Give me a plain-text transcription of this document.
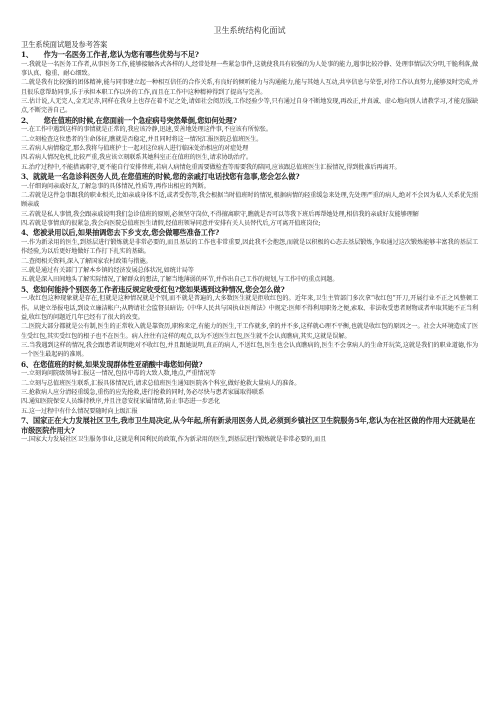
卫生系统结构化面试
卫生系统面试题及参考答案

1、　　作为一名医务工作者,您认为您有哪些优势与不足?

一.我就是一名医务工作者,从事医务工作,能够接触各式各样的人,经常处理一些紧急事件,这就使我具有较强的为人处事的能力,遇事比较冷静、处理事情层次分明,干脆利落,做事认真、稳重、耐心细致。

二.就是我有比较强的团体精神,能与同事建立起一种相互信任的合作关系,有良好的倾听能力与沟通能力,能与其她人互动,共享信息与荣誉,对待工作认真努力,能够及时完成,并且很乐意帮助同事,乐于承担本职工作以外的工作,而且在工作中这种精神得到了提高与完善。

三.估计说,人无完人,金无足赤,同样在我身上也存在着不足之处,请如社会阅历浅,工作经验少等,只有通过自身不断地发现,再改正,并真诚、虚心地向别人请教学习,才能克服缺点,不断完善自己。

2、　　您在值班的时候,在您面前一个急症病号突然晕倒,您如何处理?

一.在工作中遇到这样的事情就是正常的,我应该冷静,迅速,妥善地处理这件事,不应该有所惊张。

二.立刻检查这位患者的生命体征,瞧就是否稳定,并且同时将这一情况汇报医院总值班医生。

三.若病人病情稳定,那么我将与值班护士一起对这位病人进行临床处治相应的对症处理

四.若病人情况危机,比较严重,我应该立刻联系其她科室正在值班的医生,请求协助治疗。

五.治疗过程中,不能措离职守,更不能自行安排替班,若病人病情危重需要做检查等需要我的陪同,应该跟总值班医生汇报情况,得到批准后再离开。

3、就就是一名急诊科医务人员,在您值班的时候,您的亲戚打电话找您有急事,您会怎么做?

一.仔细询问亲戚好友,了解急事的具体情况,性质等,再作出相应的判断。

二.若就是这件急事跟我的职业相关,比如亲戚身体不适,或者受伤等,我会根据当时值班时的情况,根据病情的轻重缓急来处理,先处理严重的病人,绝对不会因为私人关系优先照顾亲戚

三.若就是私人事情,我会跟亲戚说明我们急诊值班的原则,必须坚守岗位,不得擅离职守,瞧就是否可以等我下班后再帮她处理,相信我的亲戚好友能够理解

四.若就是事情真的很紧急,我会向医院总值班医生请假,经值班领导同意并安排有关人员替代后,方可离开值班岗位;

4、您被录用以后,如果抽调您去下乡支农,您会做哪些准备工作?

一.作为新录用的医生,到基层进行锻炼就是非常必要的,而且基层的工作也非常重要,因此我不会抱怨,而就是以积极的心态去基层锻炼,争取通过这次锻炼能够丰富我的基层工作经验,为以后更好地做好工作打下扎实的基础。

二.查阅相关资料,深入了解国家农村政策与措施。

三.就是通过有关部门了解本乡镇的经济发展总体状况,如统计局等

五.就是深入田间地头了解实际情况,了解群众的想法,了解当地薄弱的环节,并作出自己工作的规划,与工作中的重点问题。

5、您如何能持个别医务工作者违反规定收受红包?您如果遇到这种情况,您会怎么做?

一.收红包这种现象就是存在,但就是这种情况就是个别,而不就是普遍的,大多数医生就是拒收红包的。近年来,卫生主管部门多次拿“收红包”开刀,开展行业不正之风整顿工作。从建立举报电话,到设立廉洁帐户;从聘请社会监督员暗访;《中华人民共与国执业医师法》中规定:医师不得利用职务之便,索取、非法收受患者财物或者牟取其她不正当利益,收红包的问题近几年已经有了很大的改变。

二.医院大部分都就是公有制,医生的正常收入就是靠资历,职称来定,有能力的医生,干工作就多,拿的并不多,这样就心理不平衡,也就是收红包的原因之一。社会大环境造成了医生受红包,其实受红包的根子也不在医生。病人往往有这样的观点,以为不送医生红包,医生就不会认真瞧病,其实,这就是误解。

三.当我遇到这样的情况,我会跟患者说明绝对不收红包,并且跟她说明,真正的病人,不送红包,医生也会认真瞧病的,医生不会拿病人的生命开玩笑,这就是我们的职业道德,作为一个医生最起码的准则。

6、在您值班的时候,如果发现群体性亚硝酸中毒您如何做?

一.立刻询问院级领导汇报这一情况,包括中毒的大致人数,地点,严重情况等

二.立刻与总值班医生联系,汇报具体情况后,请求总值班医生通知医院各个科室,做好抢救大量病人的准备。

三.抢救病人应分清轻重缓急,重伤的应先抢救,进行抢救的同时,务必尽快与患者家属取得联系

四.通知医院保安人员维持秩序,并且注意安抚家属情绪,防止事态进一步恶化

五.这一过程中有什么情况要随时向上级汇报

7、国家正在大力发展社区卫生,我市卫生局决定,从今年起,所有新录用医务人员,必须到乡镇社区卫生院服务5年,您认为在社区做的作用大还就是在市级医院作用大?

一.国家大力发展社区卫生服务事业,这就是利国利民的政策,作为新录用的医生,到基层进行锻炼就是非常必要的,而且
